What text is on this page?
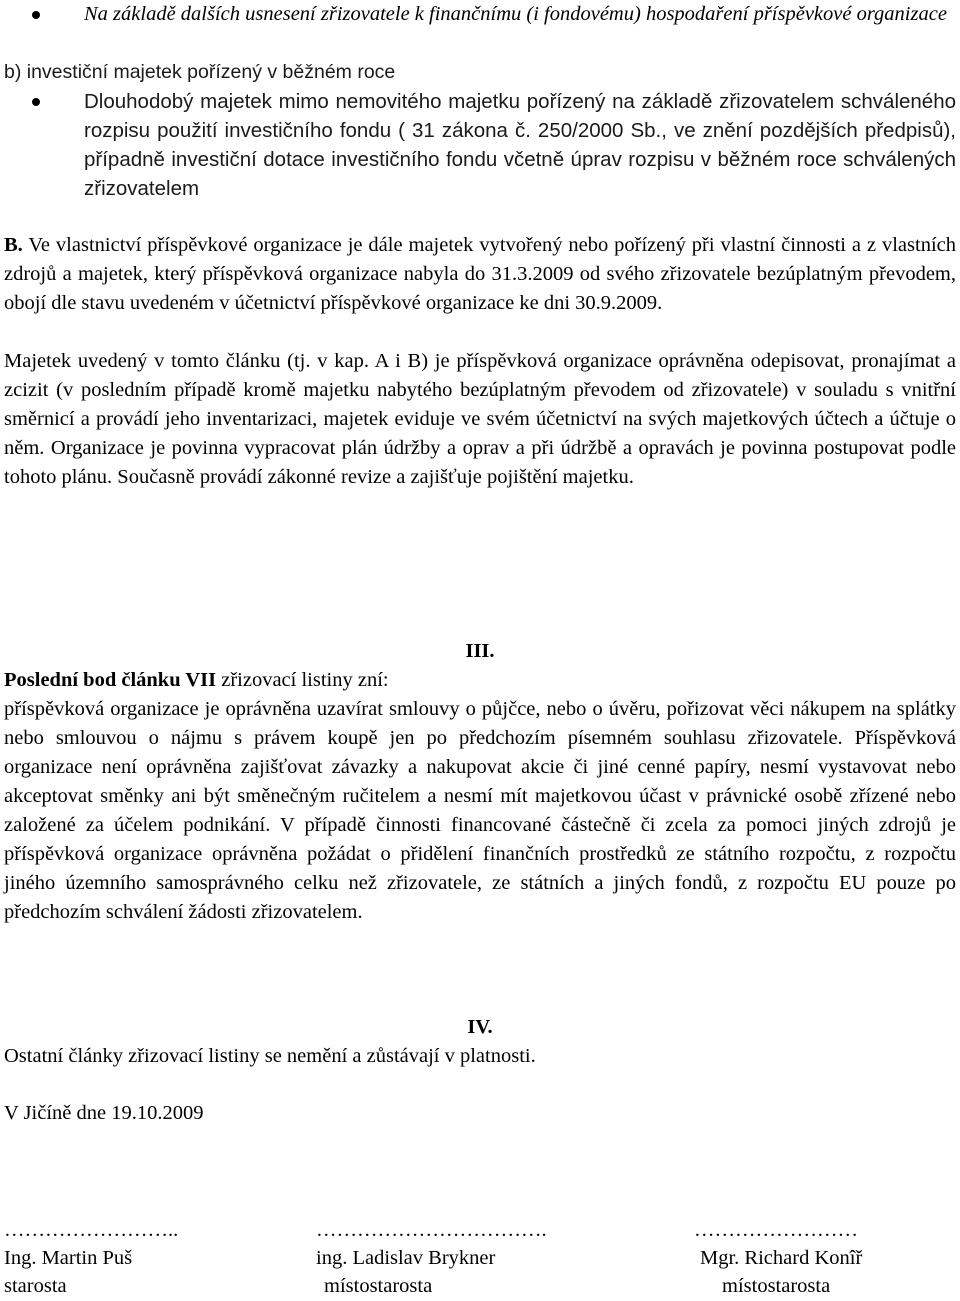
Na základě dalších usnesení zřizovatele k finančnímu (i fondovému) hospodaření příspěvkové organizace

b) investiční majetek pořízený v běžném roce

Dlouhodobý majetek mimo nemovitého majetku pořízený na základě zřizovatelem schváleného rozpisu použití investičního fondu ( 31 zákona č. 250/2000 Sb., ve znění pozdějších předpisů), případně investiční dotace investičního fondu včetně úprav rozpisu v běžném roce schválených zřizovatelem

B. Ve vlastnictví příspěvkové organizace je dále majetek vytvořený nebo pořízený při vlastní činnosti a z vlastních zdrojů a majetek, který příspěvková organizace nabyla do 31.3.2009 od svého zřizovatele bezúplatným převodem, obojí dle stavu uvedeném v účetnictví příspěvkové organizace ke dni 30.9.2009.

Majetek uvedený v tomto článku (tj. v kap. A i B) je příspěvková organizace oprávněna odepisovat, pronajímat a zcizit (v posledním případě kromě majetku nabytého bezúplatným převodem od zřizovatele) v souladu s vnitřní směrnicí a provádí jeho inventarizaci, majetek eviduje ve svém účetnictví na svých majetkových účtech a účtuje o něm. Organizace je povinna vypracovat plán údržby a oprav a při údržbě a opravách je povinna postupovat podle tohoto plánu. Současně provádí zákonné revize a zajišťuje pojištění majetku.

III.

Poslední bod článku VII zřizovací listiny zní:

příspěvková organizace je oprávněna uzavírat smlouvy o půjčce, nebo o úvěru, pořizovat věci nákupem na splátky nebo smlouvou o nájmu s právem koupě jen po předchozím písemném souhlasu zřizovatele. Příspěvková organizace není oprávněna zajišťovat závazky a nakupovat akcie či jiné cenné papíry, nesmí vystavovat nebo akceptovat směnky ani být směnečným ručitelem a nesmí mít majetkovou účast v právnické osobě zřízené nebo založené za účelem podnikání. V případě činnosti financované částečně či zcela za pomoci jiných zdrojů je příspěvková organizace oprávněna požádat o přidělení finančních prostředků ze státního rozpočtu, z rozpočtu jiného územního samosprávného celku než zřizovatele, ze státních a jiných fondů, z rozpočtu EU pouze po předchozím schválení žádosti zřizovatelem.

IV.

Ostatní články zřizovací listiny se nemění a zůstávají v platnosti.

V Jičíně dne 19.10.2009

……………………..
Ing. Martin Puš
starosta
…………………………….
ing. Ladislav Brykner
místostarosta
……………………
Mgr. Richard Konîř
místostarosta
